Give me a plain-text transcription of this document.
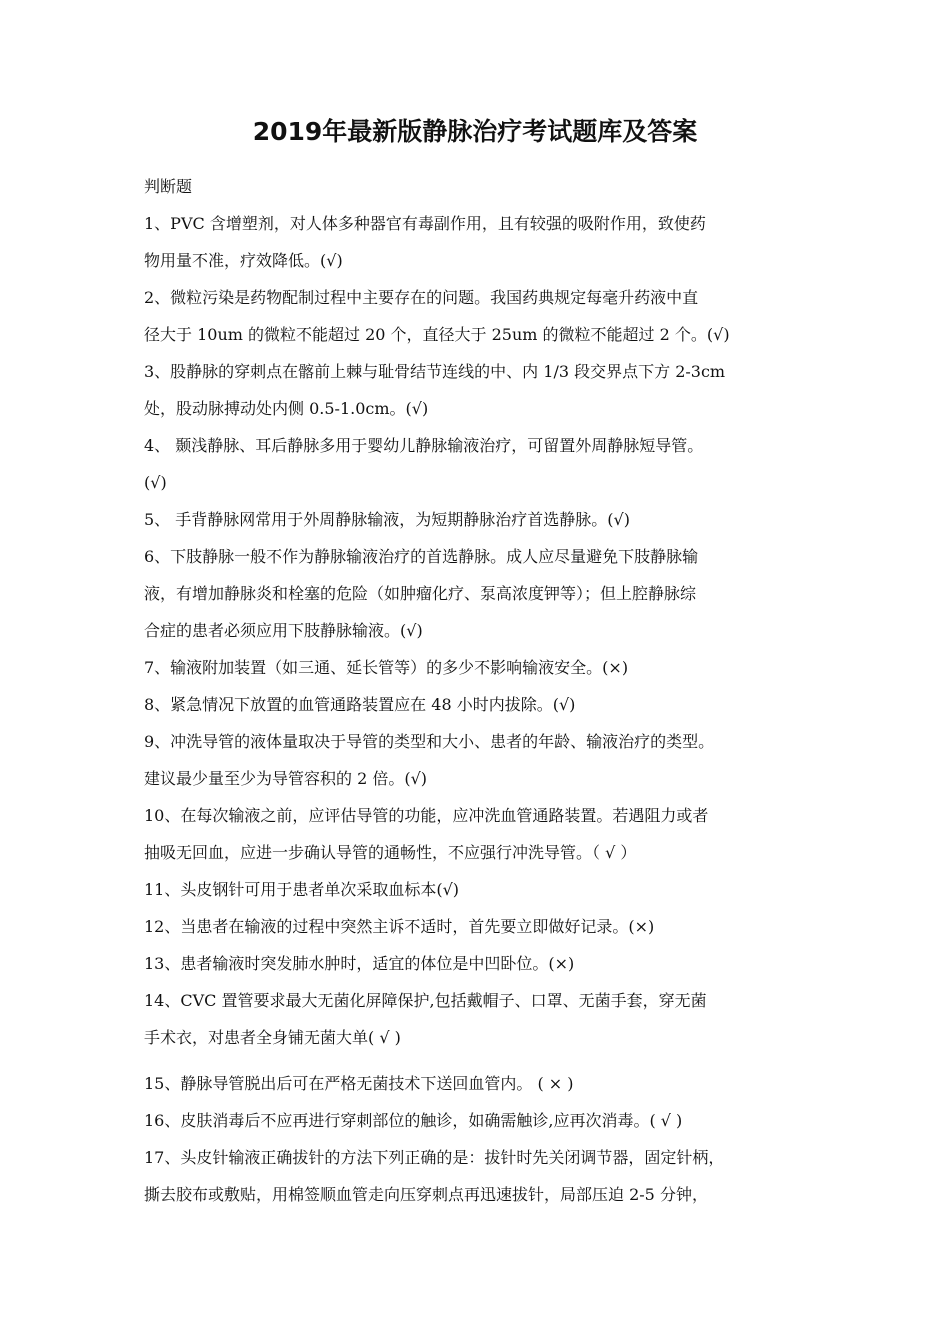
2019年最新版静脉治疗考试题库及答案
判断题
1、PVC 含增塑剂，对人体多种器官有毒副作用，且有较强的吸附作用，致使药
物用量不准，疗效降低。(√)
2、微粒污染是药物配制过程中主要存在的问题。我国药典规定每毫升药液中直
径大于 10um 的微粒不能超过 20 个，直径大于 25um 的微粒不能超过 2 个。(√)
3、股静脉的穿刺点在髂前上棘与耻骨结节连线的中、内 1/3 段交界点下方 2-3cm
处，股动脉搏动处内侧 0.5-1.0cm。(√)
4、 颞浅静脉、耳后静脉多用于婴幼儿静脉输液治疗，可留置外周静脉短导管。
(√)
5、 手背静脉网常用于外周静脉输液，为短期静脉治疗首选静脉。(√)
6、下肢静脉一般不作为静脉输液治疗的首选静脉。成人应尽量避免下肢静脉输
液，有增加静脉炎和栓塞的危险（如肿瘤化疗、泵高浓度钾等）；但上腔静脉综
合症的患者必须应用下肢静脉输液。(√)
7、输液附加装置（如三通、延长管等）的多少不影响输液安全。(×)
8、紧急情况下放置的血管通路装置应在 48 小时内拔除。(√)
9、冲洗导管的液体量取决于导管的类型和大小、患者的年龄、输液治疗的类型。
建议最少量至少为导管容积的 2 倍。(√)
10、在每次输液之前，应评估导管的功能，应冲洗血管通路装置。若遇阻力或者
抽吸无回血，应进一步确认导管的通畅性，不应强行冲洗导管。（ √ ）
11、头皮钢针可用于患者单次采取血标本(√)
12、当患者在输液的过程中突然主诉不适时，首先要立即做好记录。(×)
13、患者输液时突发肺水肿时，适宜的体位是中凹卧位。(×)
14、CVC 置管要求最大无菌化屏障保护,包括戴帽子、口罩、无菌手套，穿无菌
手术衣，对患者全身铺无菌大单( √ )
15、静脉导管脱出后可在严格无菌技术下送回血管内。 ( × )
16、皮肤消毒后不应再进行穿刺部位的触诊，如确需触诊,应再次消毒。( √ )
17、头皮针输液正确拔针的方法下列正确的是：拔针时先关闭调节器，固定针柄，
撕去胶布或敷贴，用棉签顺血管走向压穿刺点再迅速拔针，局部压迫 2-5 分钟，
